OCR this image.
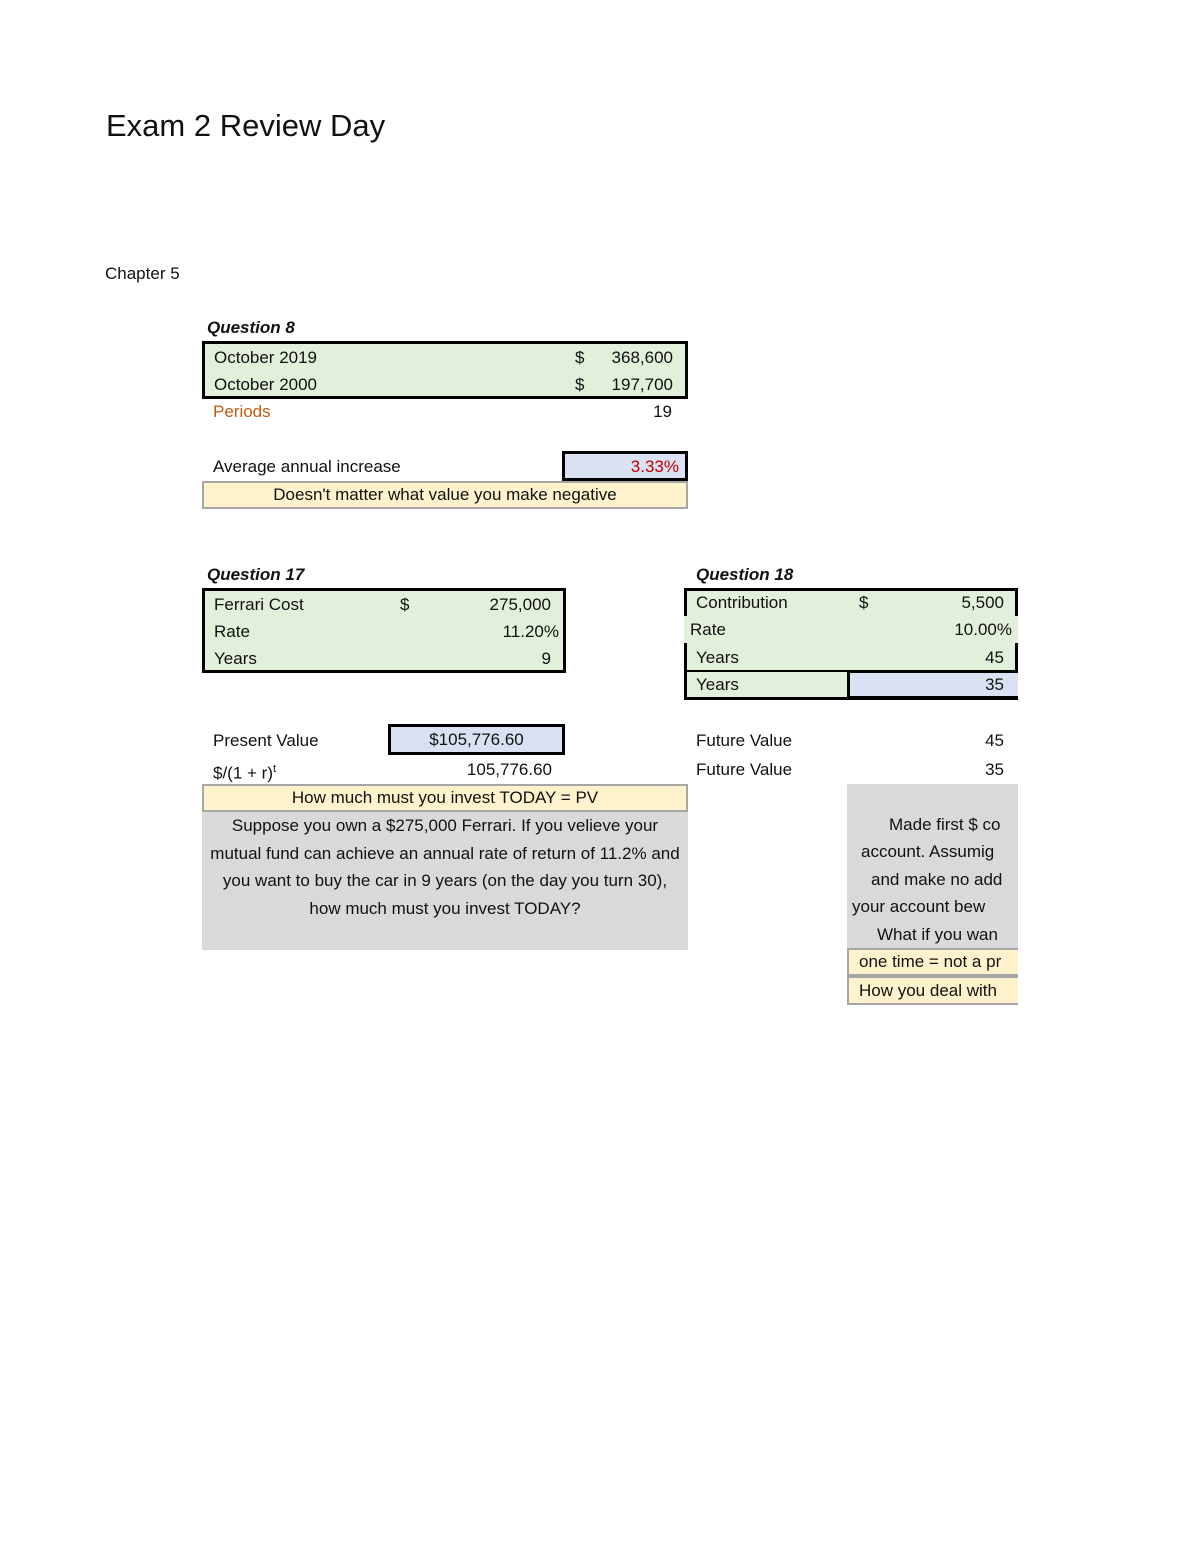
Exam 2 Review Day
Chapter 5
Question 8
October 2019	$ 368,600
October 2000	$ 197,700
Periods	19
Average annual increase	3.33%
Doesn't matter what value you make negative
Question 17
Ferrari Cost	$	275,000
Rate	11.20%
Years	9
Present Value	$105,776.60
$/(1 + r)$^t$	105,776.60
How much must you invest TODAY = PV
Suppose you own a $275,000 Ferrari. If you velieve your mutual fund can achieve an annual rate of return of 11.2% and you want to buy the car in 9 years (on the day you turn 30), how much must you invest TODAY?
Question 18
Contribution	$	5,500
Rate	10.00%
Years	45
Years	35
Future Value	45
Future Value	35
Made first $ co
account. Assumig
and make no add
your account bew
What if you wan
one time = not a pr
How you deal with
